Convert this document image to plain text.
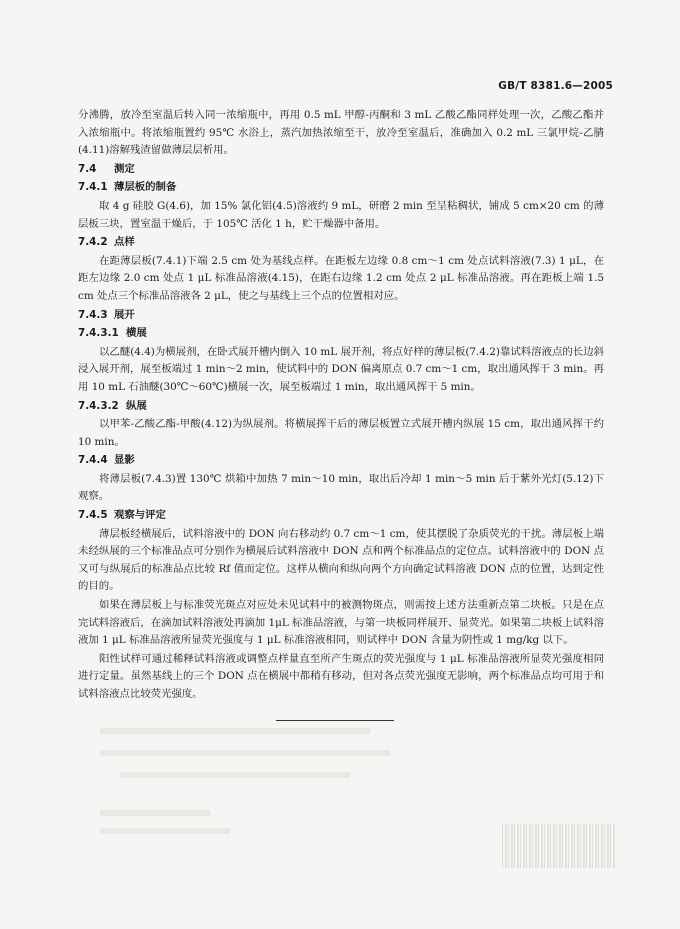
GB/T 8381.6—2005

分沸腾，放冷至室温后转入同一浓缩瓶中，再用 0.5 mL 甲醇-丙酮和 3 mL 乙酸乙酯同样处理一次，乙酸乙酯并入浓缩瓶中。将浓缩瓶置约 95℃ 水浴上，蒸汽加热浓缩至干，放冷至室温后，准确加入 0.2 mL 三氯甲烷-乙腈(4.11)溶解残渣留做薄层层析用。

7.4 测定
7.4.1 薄层板的制备

取 4 g 硅胶 G(4.6)，加 15% 氯化铝(4.5)溶液约 9 mL，研磨 2 min 至呈粘稠状，铺成 5 cm×20 cm 的薄层板三块，置室温干燥后，于 105℃ 活化 1 h，贮干燥器中备用。

7.4.2 点样

在距薄层板(7.4.1)下端 2.5 cm 处为基线点样。在距板左边缘 0.8 cm～1 cm 处点试料溶液(7.3) 1 μL，在距左边缘 2.0 cm 处点 1 μL 标准品溶液(4.15)，在距右边缘 1.2 cm 处点 2 μL 标准品溶液。再在距板上端 1.5 cm 处点三个标准品溶液各 2 μL，使之与基线上三个点的位置相对应。

7.4.3 展开
7.4.3.1 横展

以乙醚(4.4)为横展剂，在卧式展开槽内倒入 10 mL 展开剂，将点好样的薄层板(7.4.2)靠试料溶液点的长边斜浸入展开剂，展至板端过 1 min～2 min，使试料中的 DON 偏离原点 0.7 cm～1 cm，取出通风挥干 3 min。再用 10 mL 石油醚(30℃～60℃)横展一次，展至板端过 1 min，取出通风挥干 5 min。

7.4.3.2 纵展

以甲苯-乙酸乙酯-甲酸(4.12)为纵展剂。将横展挥干后的薄层板置立式展开槽内纵展 15 cm，取出通风挥干约 10 min。

7.4.4 显影

将薄层板(7.4.3)置 130℃ 烘箱中加热 7 min～10 min，取出后冷却 1 min～5 min 后于紫外光灯(5.12)下观察。

7.4.5 观察与评定

薄层板经横展后，试料溶液中的 DON 向右移动约 0.7 cm～1 cm，使其摆脱了杂质荧光的干扰。薄层板上端未经纵展的三个标准品点可分别作为横展后试料溶液中 DON 点和两个标准品点的定位点。试料溶液中的 DON 点又可与纵展后的标准品点比较 Rf 值而定位。这样从横向和纵向两个方向确定试料溶液 DON 点的位置，达到定性的目的。

如果在薄层板上与标准荧光斑点对应处未见试料中的被测物斑点，则需按上述方法重新点第二块板。只是在点完试料溶液后，在滴加试料溶液处再滴加 1μL 标准品溶液，与第一块板同样展开、显荧光。如果第二块板上试料溶液加 1 μL 标准品溶液所显荧光强度与 1 μL 标准溶液相同，则试样中 DON 含量为阴性或 1 mg/kg 以下。

阳性试样可通过稀释试料溶液或调整点样量直至所产生斑点的荧光强度与 1 μL 标准品溶液所显荧光强度相同进行定量。虽然基线上的三个 DON 点在横展中都稍有移动，但对各点荧光强度无影响，两个标准品点均可用于和试料溶液点比较荧光强度。
